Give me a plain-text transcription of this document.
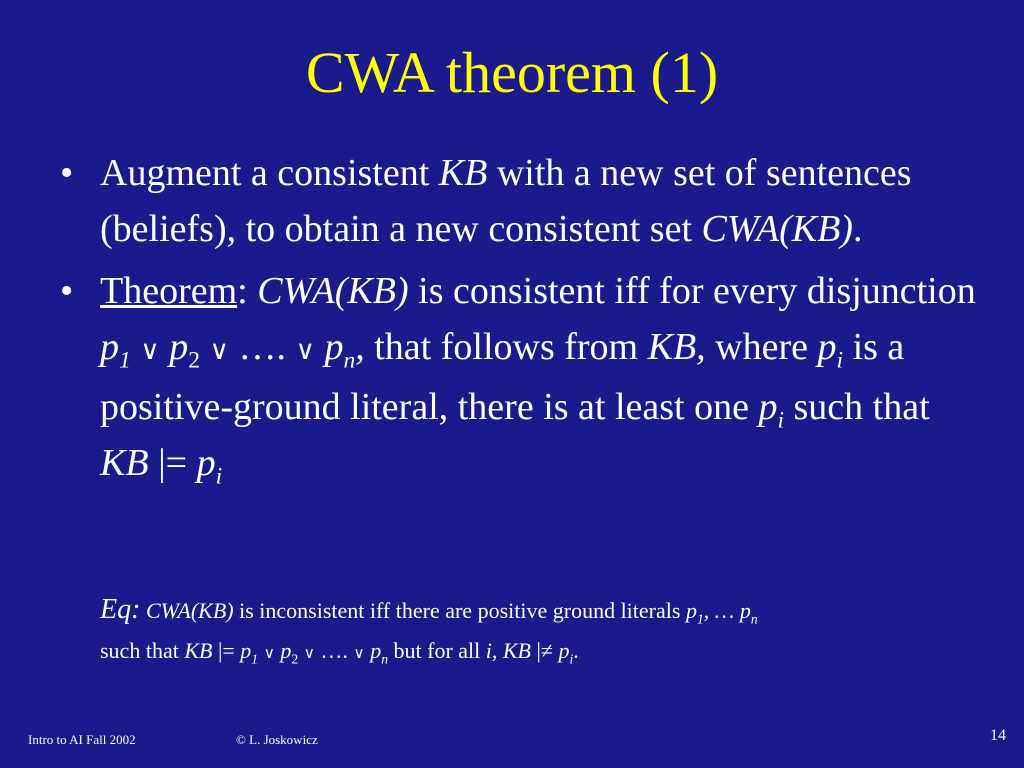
CWA theorem (1)
• Augment a consistent KB with a new set of sentences (beliefs), to obtain a new consistent set CWA(KB).
• Theorem: CWA(KB) is consistent iff for every disjunction $p_1$ ∨ $p_2$ ∨ …. ∨ $p_n$, that follows from KB, where $p_i$ is a positive-ground literal, there is at least one $p_i$ such that KB |= $p_i$
Eq: CWA(KB) is inconsistent iff there are positive ground literals $p_1$, … $p_n$
such that KB |= $p_1$ ∨ $p_2$ ∨ …. ∨ $p_n$ but for all i, KB |≠ $p_i$.
Intro to AI Fall 2002	© L. Joskowicz	14
